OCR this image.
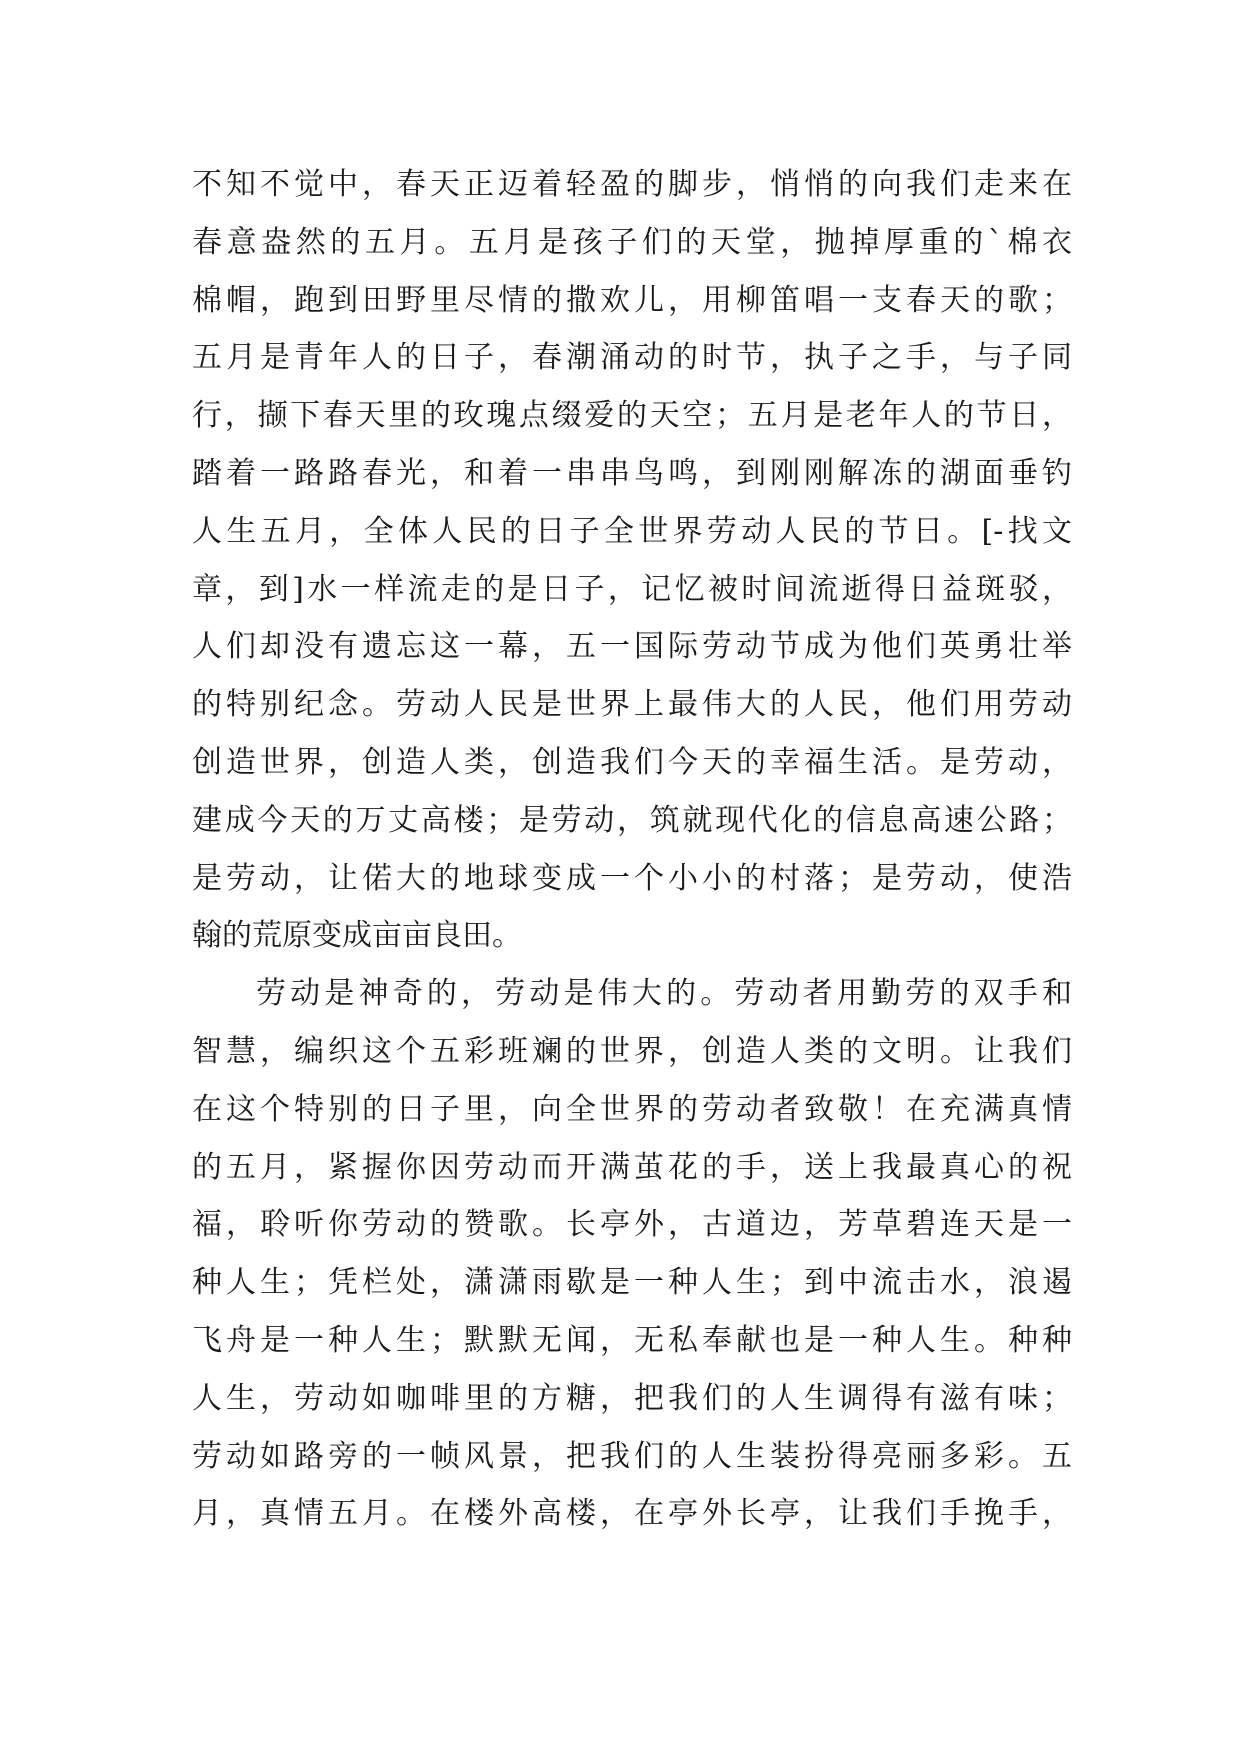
不知不觉中，春天正迈着轻盈的脚步，悄悄的向我们走来在
春意盎然的五月。五月是孩子们的天堂，抛掉厚重的`棉衣
棉帽，跑到田野里尽情的撒欢儿，用柳笛唱一支春天的歌；
五月是青年人的日子，春潮涌动的时节，执子之手，与子同
行，撷下春天里的玫瑰点缀爱的天空；五月是老年人的节日，
踏着一路路春光，和着一串串鸟鸣，到刚刚解冻的湖面垂钓
人生五月，全体人民的日子全世界劳动人民的节日。[-找文
章，到]水一样流走的是日子，记忆被时间流逝得日益斑驳，
人们却没有遗忘这一幕，五一国际劳动节成为他们英勇壮举
的特别纪念。劳动人民是世界上最伟大的人民，他们用劳动
创造世界，创造人类，创造我们今天的幸福生活。是劳动，
建成今天的万丈高楼；是劳动，筑就现代化的信息高速公路；
是劳动，让偌大的地球变成一个小小的村落；是劳动，使浩
翰的荒原变成亩亩良田。
劳动是神奇的，劳动是伟大的。劳动者用勤劳的双手和
智慧，编织这个五彩班斓的世界，创造人类的文明。让我们
在这个特别的日子里，向全世界的劳动者致敬！在充满真情
的五月，紧握你因劳动而开满茧花的手，送上我最真心的祝
福，聆听你劳动的赞歌。长亭外，古道边，芳草碧连天是一
种人生；凭栏处，潇潇雨歇是一种人生；到中流击水，浪遏
飞舟是一种人生；默默无闻，无私奉献也是一种人生。种种
人生，劳动如咖啡里的方糖，把我们的人生调得有滋有味；
劳动如路旁的一帧风景，把我们的人生装扮得亮丽多彩。五
月，真情五月。在楼外高楼，在亭外长亭，让我们手挽手，
